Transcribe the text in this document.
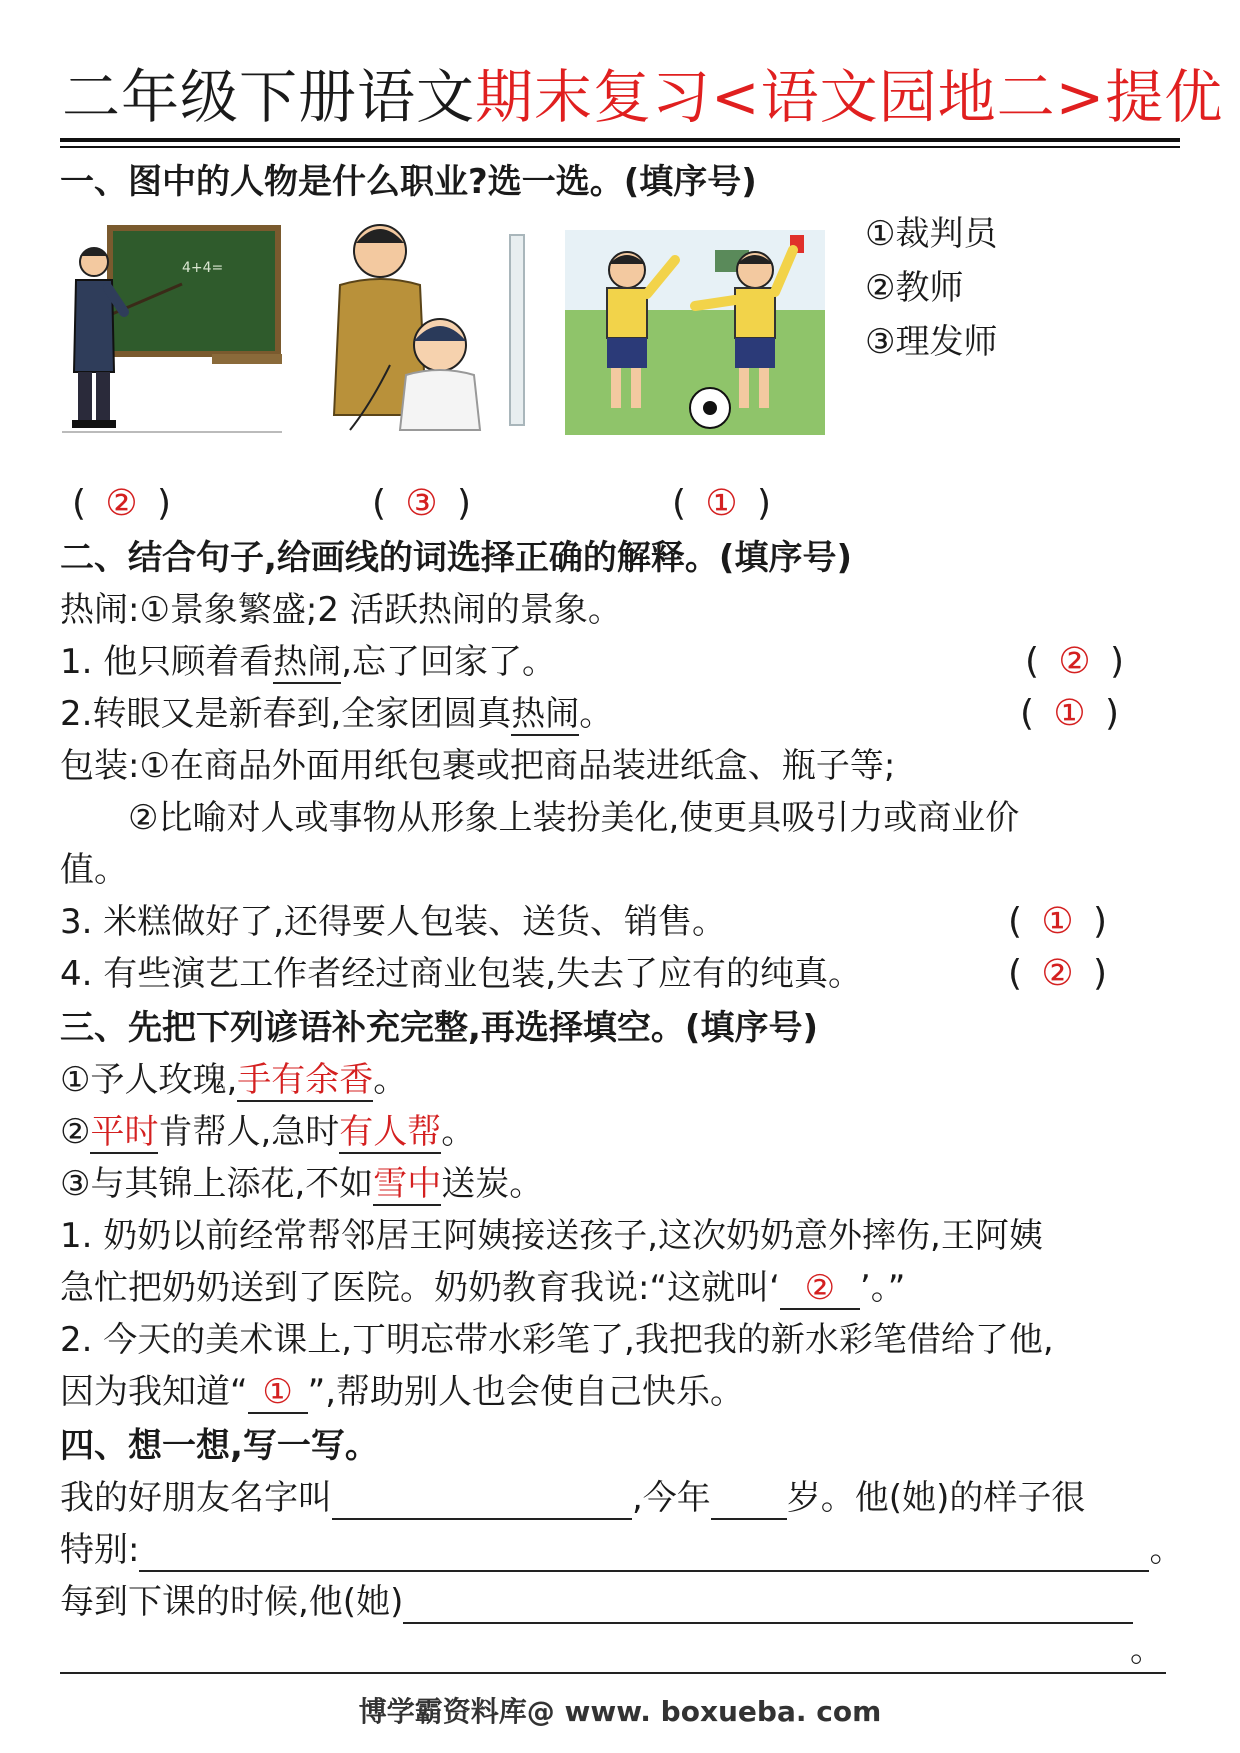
二年级下册语文期末复习<语文园地二>提优
一、图中的人物是什么职业?选一选。(填序号)
4+4=
①裁判员
②教师
③理发师
( ② )	( ③ )	( ① )
二、结合句子,给画线的词选择正确的解释。(填序号)
热闹:①景象繁盛;2 活跃热闹的景象。
1. 他只顾着看热闹,忘了回家了。	( ② )
2.转眼又是新春到,全家团圆真热闹。	( ① )
包装:①在商品外面用纸包裹或把商品装进纸盒、瓶子等;
②比喻对人或事物从形象上装扮美化,使更具吸引力或商业价
值。
3. 米糕做好了,还得要人包装、送货、销售。	( ① )
4. 有些演艺工作者经过商业包装,失去了应有的纯真。	( ② )
三、先把下列谚语补充完整,再选择填空。(填序号)
①予人玫瑰,手有余香。
②平时肯帮人,急时有人帮。
③与其锦上添花,不如雪中送炭。
1. 奶奶以前经常帮邻居王阿姨接送孩子,这次奶奶意外摔伤,王阿姨
急忙把奶奶送到了医院。奶奶教育我说:“这就叫‘ ② ’。”
2. 今天的美术课上,丁明忘带水彩笔了,我把我的新水彩笔借给了他,
因为我知道“ ① ”,帮助别人也会使自己快乐。
四、想一想,写一写。
我的好朋友名字叫	,今年 岁。他(她)的样子很
特别:	。
每到下课的时候,他(她)
。
博学霸资料库@ www. boxueba. com
